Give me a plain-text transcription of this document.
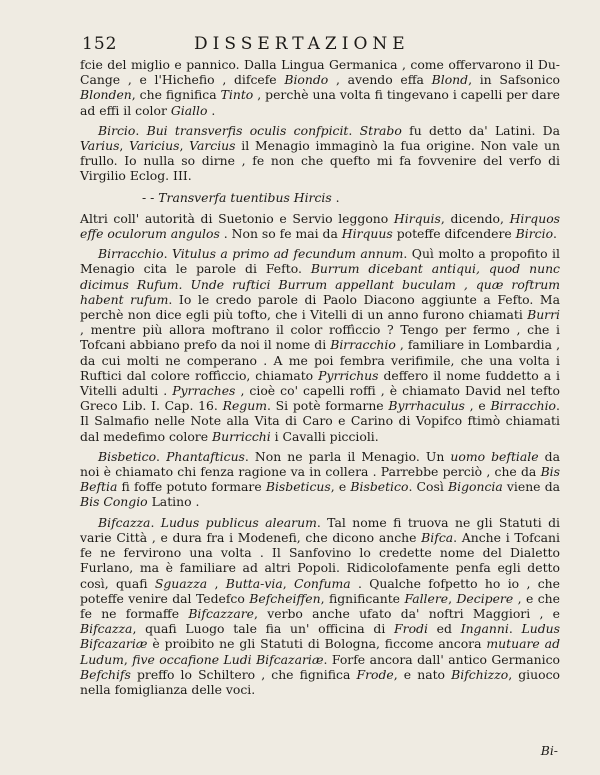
152	DISSERTAZIONE

fcie del miglio e pannico. Dalla Lingua Germanica , come offervarono il Du-Cange , e l'Hichefio , difcefe Biondo , avendo effa Blond, in Safsonico Blonden, che fignifica Tinto , perchè una volta fi tingevano i capelli per dare ad effi il color Giallo .

Bircio. Bui transverfis oculis confpicit. Strabo fu detto da' Latini. Da Varius, Varicius, Varcius il Menagio immaginò la fua origine. Non vale un frullo. Io nulla so dirne , fe non che quefto mi fa fovvenire del verfo di Virgilio Eclog. III.

- - Transverfa tuentibus Hircis .

Altri coll' autorità di Suetonio e Servio leggono Hirquis, dicendo, Hirquos effe oculorum angulos . Non so fe mai da Hirquus poteffe difcendere Bircio.

Birracchio. Vitulus a primo ad fecundum annum. Quì molto a propofito il Menagio cita le parole di Fefto. Burrum dicebant antiqui, quod nunc dicimus Rufum. Unde ruftici Burrum appellant buculam , quæ roftrum habent rufum. Io le credo parole di Paolo Diacono aggiunte a Fefto. Ma perchè non dice egli più tofto, che i Vitelli di un anno furono chiamati Burri , mentre più allora moftrano il color roffìccio ? Tengo per fermo , che i Tofcani abbiano prefo da noi il nome di Birracchio , familiare in Lombardia , da cui molti ne comperano . A me poi fembra verifimile, che una volta i Ruftici dal colore roffìccio, chiamato Pyrrichus deffero il nome fuddetto a i Vitelli adulti . Pyrraches , cioè co' capelli roffi , è chiamato David nel tefto Greco Lib. I. Cap. 16. Regum. Si potè formarne Byrrhaculus , e Birracchio. Il Salmafio nelle Note alla Vita di Caro e Carino di Vopifco ftimò chiamati dal medefimo colore Burricchi i Cavalli piccioli.

Bisbetico. Phantafticus. Non ne parla il Menagio. Un uomo beftiale da noi è chiamato chi fenza ragione va in collera . Parrebbe perciò , che da Bis Beftia fi foffe potuto formare Bisbeticus, e Bisbetico. Così Bigoncia viene da Bis Congio Latino .

Bifcazza. Ludus publicus alearum. Tal nome fi truova ne gli Statuti di varie Città , e dura fra i Modenefi, che dicono anche Bifca. Anche i Tofcani fe ne fervirono una volta . Il Sanfovino lo credette nome del Dialetto Furlano, ma è familiare ad altri Popoli. Ridicolofamente penfa egli detto così, quafi Sguazza , Butta-via, Confuma . Qualche fofpetto ho io , che poteffe venire dal Tedefco Befcheiffen, fignificante Fallere, Decipere , e che fe ne formaffe Bifcazzare, verbo anche ufato da' noftri Maggiori , e Bifcazza, quafi Luogo tale fia un' officina di Frodi ed Inganni. Ludus Bifcazariæ è proibito ne gli Statuti di Bologna, ficcome ancora mutuare ad Ludum, five occafione Ludi Bifcazariæ. Forfe ancora dall' antico Germanico Befchifs preffo lo Schiltero , che fignifica Frode, e nato Bifchizzo, giuoco nella fomiglianza delle voci.

Bi-
